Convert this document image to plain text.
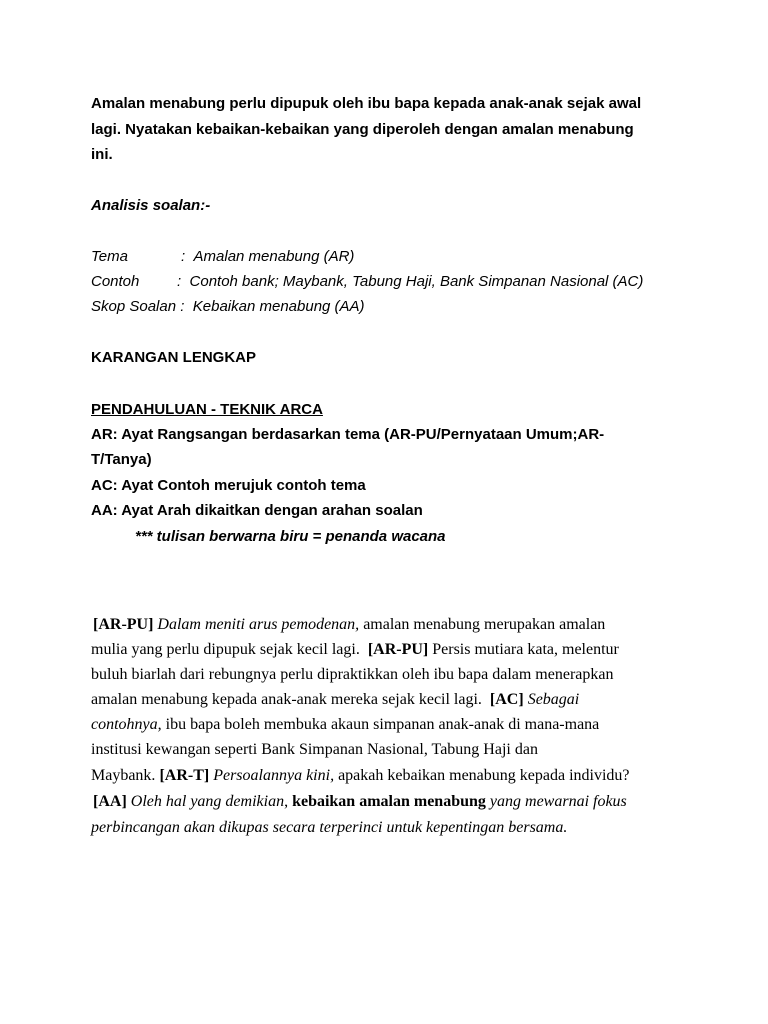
Amalan menabung perlu dipupuk oleh ibu bapa kepada anak-anak sejak awal
lagi. Nyatakan kebaikan-kebaikan yang diperoleh dengan amalan menabung
ini.
Analisis soalan:-
Tema	: Amalan menabung (AR)
Contoh	: Contoh bank; Maybank, Tabung Haji, Bank Simpanan Nasional (AC)
Skop Soalan : Kebaikan menabung (AA)
KARANGAN LENGKAP
PENDAHULUAN - TEKNIK ARCA
AR: Ayat Rangsangan berdasarkan tema (AR-PU/Pernyataan Umum;AR-
T/Tanya)
AC: Ayat Contoh merujuk contoh tema
AA: Ayat Arah dikaitkan dengan arahan soalan
*** tulisan berwarna biru = penanda wacana
[AR-PU] Dalam meniti arus pemodenan, amalan menabung merupakan amalan
mulia yang perlu dipupuk sejak kecil lagi. [AR-PU] Persis mutiara kata, melentur
buluh biarlah dari rebungnya perlu dipraktikkan oleh ibu bapa dalam menerapkan
amalan menabung kepada anak-anak mereka sejak kecil lagi. [AC] Sebagai
contohnya, ibu bapa boleh membuka akaun simpanan anak-anak di mana-mana
institusi kewangan seperti Bank Simpanan Nasional, Tabung Haji dan
Maybank. [AR-T] Persoalannya kini, apakah kebaikan menabung kepada individu?
[AA] Oleh hal yang demikian, kebaikan amalan menabung yang mewarnai fokus
perbincangan akan dikupas secara terperinci untuk kepentingan bersama.
